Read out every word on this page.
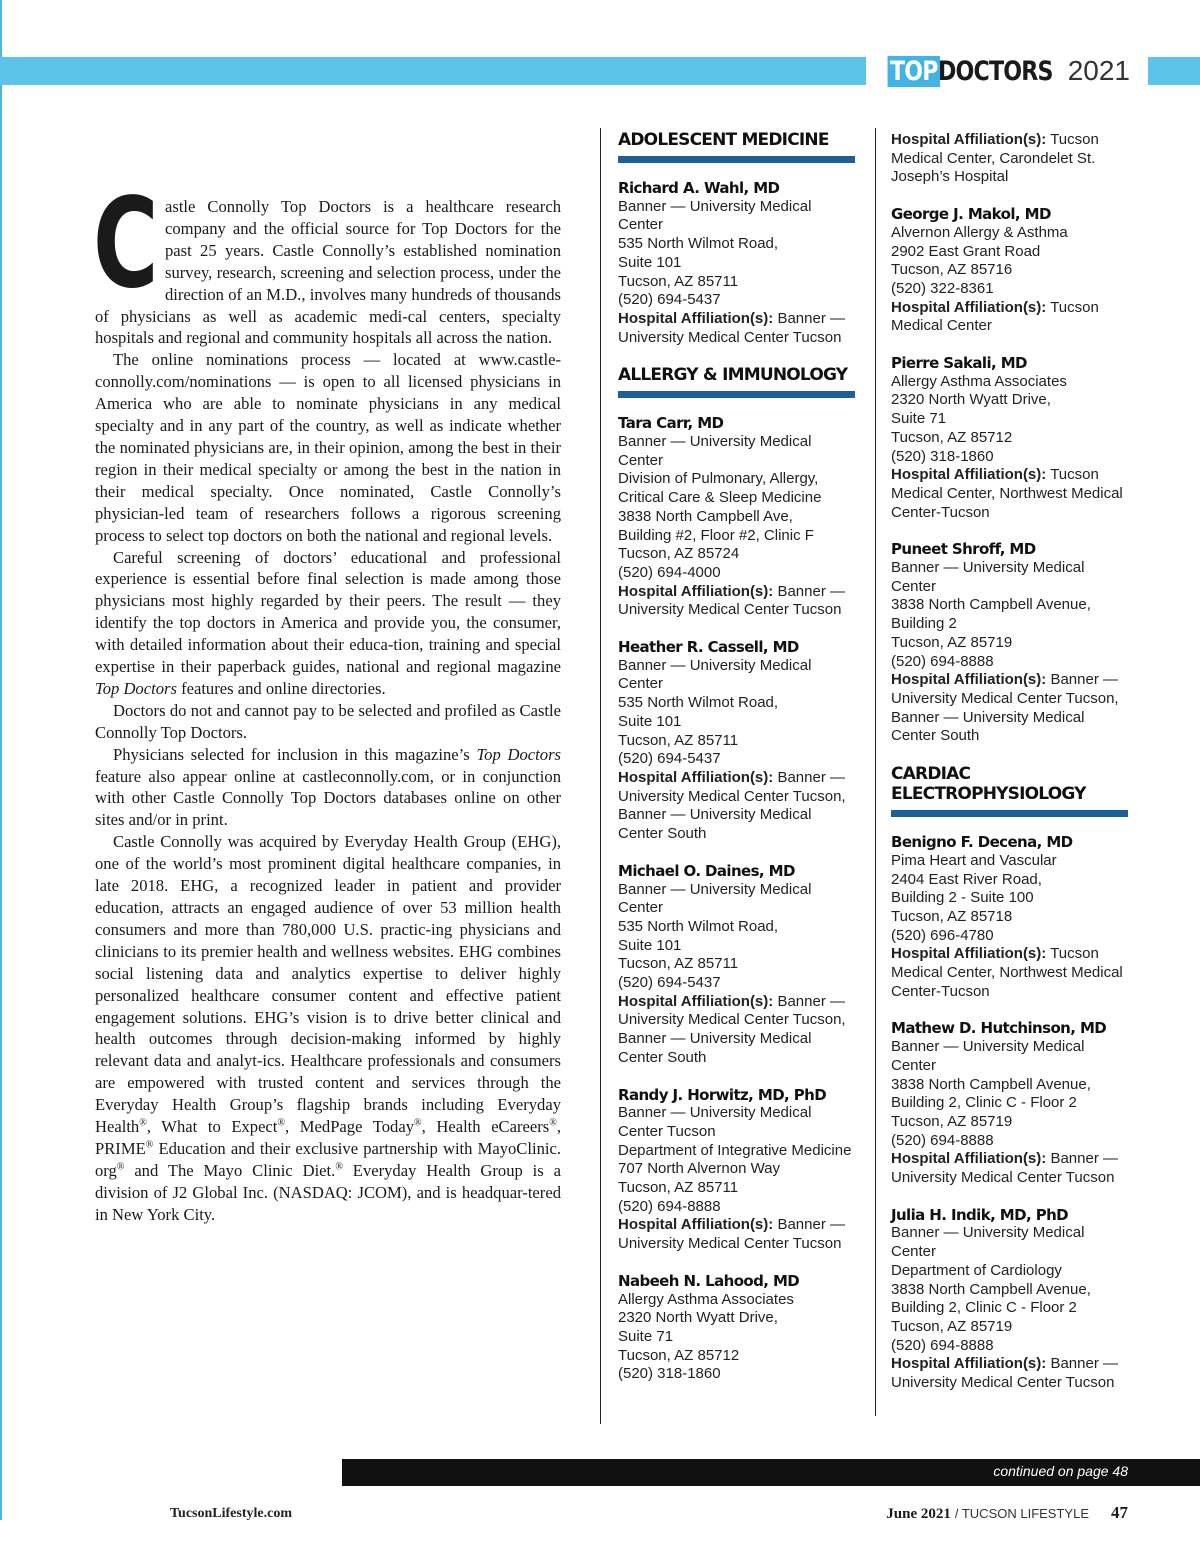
TOP DOCTORS 2021

Castle Connolly Top Doctors is a healthcare research company and the official source for Top Doctors for the past 25 years. Castle Connolly’s established nomination survey, research, screening and selection process, under the direction of an M.D., involves many hundreds of thousands of physicians as well as academic medi-cal centers, specialty hospitals and regional and community hospitals all across the nation.

The online nominations process — located at www.castle-connolly.com/nominations — is open to all licensed physicians in America who are able to nominate physicians in any medical specialty and in any part of the country, as well as indicate whether the nominated physicians are, in their opinion, among the best in their region in their medical specialty or among the best in the nation in their medical specialty. Once nominated, Castle Connolly’s physician-led team of researchers follows a rigorous screening process to select top doctors on both the national and regional levels.

Careful screening of doctors’ educational and professional experience is essential before final selection is made among those physicians most highly regarded by their peers. The result — they identify the top doctors in America and provide you, the consumer, with detailed information about their educa-tion, training and special expertise in their paperback guides, national and regional magazine Top Doctors features and online directories.

Doctors do not and cannot pay to be selected and profiled as Castle Connolly Top Doctors.

Physicians selected for inclusion in this magazine’s Top Doctors feature also appear online at castleconnolly.com, or in conjunction with other Castle Connolly Top Doctors databases online on other sites and/or in print.

Castle Connolly was acquired by Everyday Health Group (EHG), one of the world’s most prominent digital healthcare companies, in late 2018. EHG, a recognized leader in patient and provider education, attracts an engaged audience of over 53 million health consumers and more than 780,000 U.S. practic-ing physicians and clinicians to its premier health and wellness websites. EHG combines social listening data and analytics expertise to deliver highly personalized healthcare consumer content and effective patient engagement solutions. EHG’s vision is to drive better clinical and health outcomes through decision-making informed by highly relevant data and analyt-ics. Healthcare professionals and consumers are empowered with trusted content and services through the Everyday Health Group’s flagship brands including Everyday Health®, What to Expect®, MedPage Today®, Health eCareers®, PRIME® Education and their exclusive partnership with MayoClinic. org® and The Mayo Clinic Diet.® Everyday Health Group is a division of J2 Global Inc. (NASDAQ: JCOM), and is headquar-tered in New York City.

ADOLESCENT MEDICINE
Richard A. Wahl, MD
Banner — University Medical Center
535 North Wilmot Road,
Suite 101
Tucson, AZ 85711
(520) 694-5437
Hospital Affiliation(s): Banner — University Medical Center Tucson
ALLERGY & IMMUNOLOGY
Tara Carr, MD
Banner — University Medical Center
Division of Pulmonary, Allergy,
Critical Care & Sleep Medicine
3838 North Campbell Ave,
Building #2, Floor #2, Clinic F
Tucson, AZ 85724
(520) 694-4000
Hospital Affiliation(s): Banner — University Medical Center Tucson
Heather R. Cassell, MD
Banner — University Medical Center
535 North Wilmot Road,
Suite 101
Tucson, AZ 85711
(520) 694-5437
Hospital Affiliation(s): Banner — University Medical Center Tucson, Banner — University Medical Center South
Michael O. Daines, MD
Banner — University Medical Center
535 North Wilmot Road,
Suite 101
Tucson, AZ 85711
(520) 694-5437
Hospital Affiliation(s): Banner — University Medical Center Tucson, Banner — University Medical Center South
Randy J. Horwitz, MD, PhD
Banner — University Medical Center Tucson
Department of Integrative Medicine
707 North Alvernon Way
Tucson, AZ 85711
(520) 694-8888
Hospital Affiliation(s): Banner — University Medical Center Tucson
Nabeeh N. Lahood, MD
Allergy Asthma Associates
2320 North Wyatt Drive,
Suite 71
Tucson, AZ 85712
(520) 318-1860
Hospital Affiliation(s): Tucson Medical Center, Carondelet St. Joseph’s Hospital
George J. Makol, MD
Alvernon Allergy & Asthma
2902 East Grant Road
Tucson, AZ 85716
(520) 322-8361
Hospital Affiliation(s): Tucson Medical Center
Pierre Sakali, MD
Allergy Asthma Associates
2320 North Wyatt Drive,
Suite 71
Tucson, AZ 85712
(520) 318-1860
Hospital Affiliation(s): Tucson Medical Center, Northwest Medical Center-Tucson
Puneet Shroff, MD
Banner — University Medical Center
3838 North Campbell Avenue,
Building 2
Tucson, AZ 85719
(520) 694-8888
Hospital Affiliation(s): Banner — University Medical Center Tucson, Banner — University Medical Center South
CARDIAC
ELECTROPHYSIOLOGY
Benigno F. Decena, MD
Pima Heart and Vascular
2404 East River Road,
Building 2 - Suite 100
Tucson, AZ 85718
(520) 696-4780
Hospital Affiliation(s): Tucson Medical Center, Northwest Medical Center-Tucson
Mathew D. Hutchinson, MD
Banner — University Medical Center
3838 North Campbell Avenue,
Building 2, Clinic C - Floor 2
Tucson, AZ 85719
(520) 694-8888
Hospital Affiliation(s): Banner — University Medical Center Tucson
Julia H. Indik, MD, PhD
Banner — University Medical Center
Department of Cardiology
3838 North Campbell Avenue,
Building 2, Clinic C - Floor 2
Tucson, AZ 85719
(520) 694-8888
Hospital Affiliation(s): Banner — University Medical Center Tucson
continued on page 48
TucsonLifestyle.com	June 2021 / TUCSON LIFESTYLE 47
